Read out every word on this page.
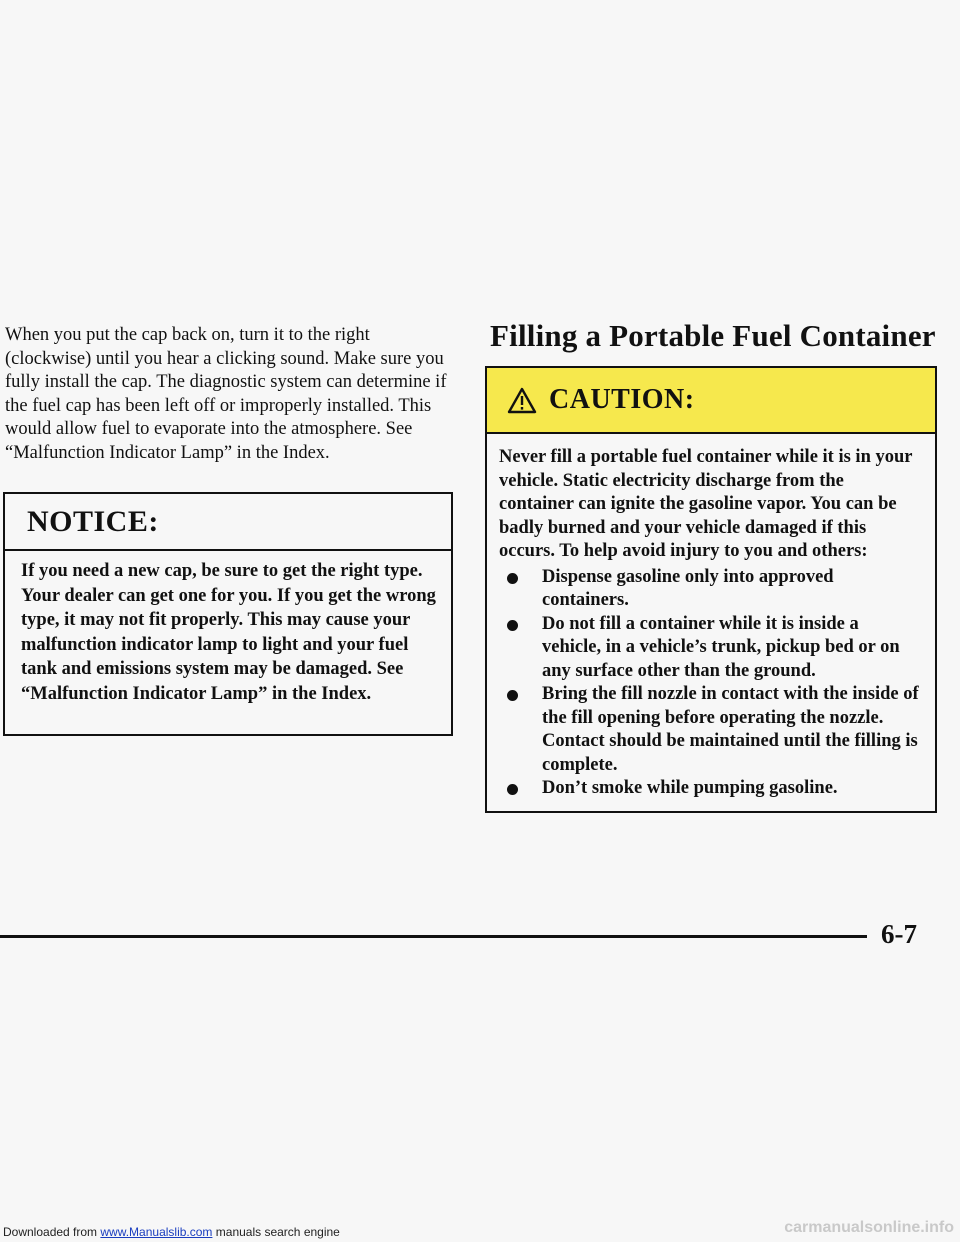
When you put the cap back on, turn it to the right (clockwise) until you hear a clicking sound. Make sure you fully install the cap. The diagnostic system can determine if the fuel cap has been left off or improperly installed. This would allow fuel to evaporate into the atmosphere. See “Malfunction Indicator Lamp” in the Index.

NOTICE:

If you need a new cap, be sure to get the right type. Your dealer can get one for you. If you get the wrong type, it may not fit properly. This may cause your malfunction indicator lamp to light and your fuel tank and emissions system may be damaged. See “Malfunction Indicator Lamp” in the Index.

Filling a Portable Fuel Container
CAUTION:

Never fill a portable fuel container while it is in your vehicle. Static electricity discharge from the container can ignite the gasoline vapor. You can be badly burned and your vehicle damaged if this occurs. To help avoid injury to you and others:

Dispense gasoline only into approved containers.
Do not fill a container while it is inside a vehicle, in a vehicle’s trunk, pickup bed or on any surface other than the ground.
Bring the fill nozzle in contact with the inside of the fill opening before operating the nozzle. Contact should be maintained until the filling is complete.
Don’t smoke while pumping gasoline.

6-7

Downloaded from www.Manualslib.com manuals search engine	carmanualsonline.info
